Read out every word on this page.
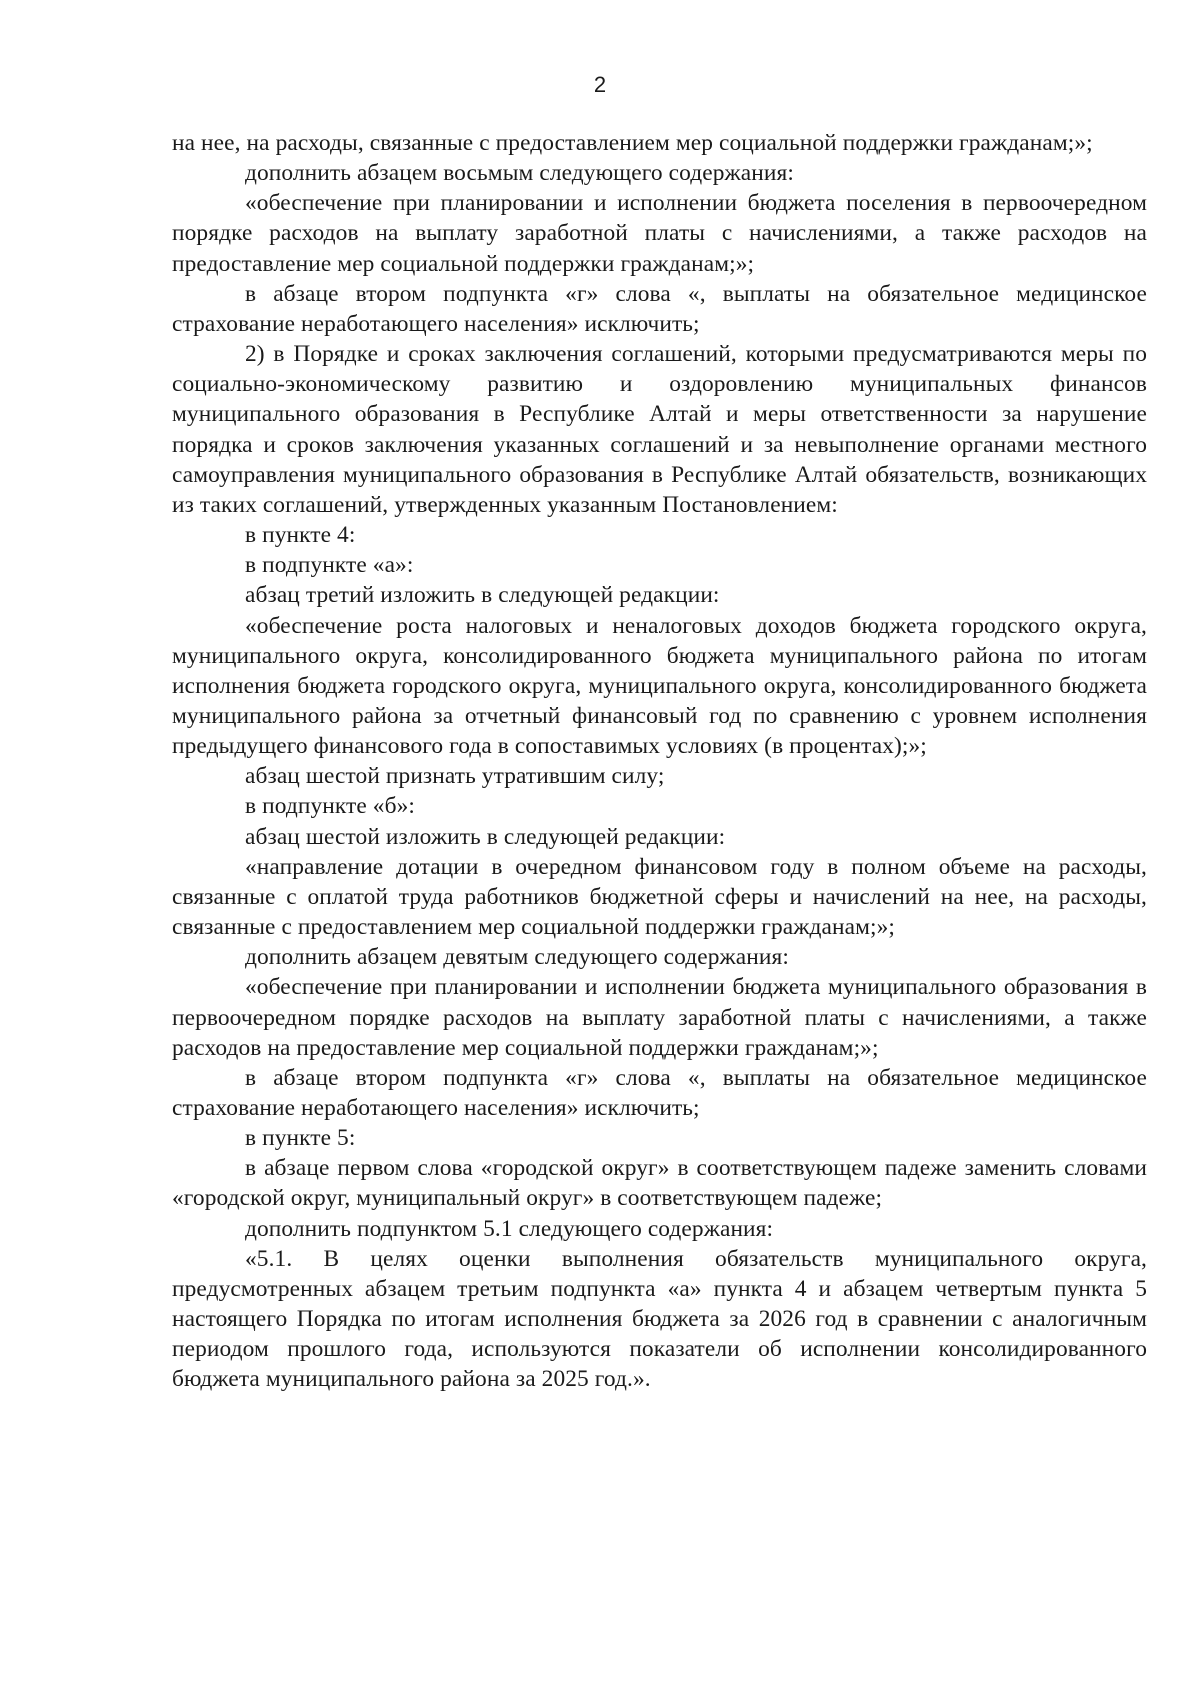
2

на нее, на расходы, связанные с предоставлением мер социальной поддержки гражданам;»;

дополнить абзацем восьмым следующего содержания:

«обеспечение при планировании и исполнении бюджета поселения в первоочередном порядке расходов на выплату заработной платы с начислениями, а также расходов на предоставление мер социальной поддержки гражданам;»;

в абзаце втором подпункта «г» слова «, выплаты на обязательное медицинское страхование неработающего населения» исключить;

2) в Порядке и сроках заключения соглашений, которыми предусматриваются меры по социально-экономическому развитию и оздоровлению муниципальных финансов муниципального образования в Республике Алтай и меры ответственности за нарушение порядка и сроков заключения указанных соглашений и за невыполнение органами местного самоуправления муниципального образования в Республике Алтай обязательств, возникающих из таких соглашений, утвержденных указанным Постановлением:

в пункте 4:

в подпункте «а»:

абзац третий изложить в следующей редакции:

«обеспечение роста налоговых и неналоговых доходов бюджета городского округа, муниципального округа, консолидированного бюджета муниципального района по итогам исполнения бюджета городского округа, муниципального округа, консолидированного бюджета муниципального района за отчетный финансовый год по сравнению с уровнем исполнения предыдущего финансового года в сопоставимых условиях (в процентах);»;

абзац шестой признать утратившим силу;

в подпункте «б»:

абзац шестой изложить в следующей редакции:

«направление дотации в очередном финансовом году в полном объеме на расходы, связанные с оплатой труда работников бюджетной сферы и начислений на нее, на расходы, связанные с предоставлением мер социальной поддержки гражданам;»;

дополнить абзацем девятым следующего содержания:

«обеспечение при планировании и исполнении бюджета муниципального образования в первоочередном порядке расходов на выплату заработной платы с начислениями, а также расходов на предоставление мер социальной поддержки гражданам;»;

в абзаце втором подпункта «г» слова «, выплаты на обязательное медицинское страхование неработающего населения» исключить;

в пункте 5:

в абзаце первом слова «городской округ» в соответствующем падеже заменить словами «городской округ, муниципальный округ» в соответствующем падеже;

дополнить подпунктом 5.1 следующего содержания:

«5.1. В целях оценки выполнения обязательств муниципального округа, предусмотренных абзацем третьим подпункта «а» пункта 4 и абзацем четвертым пункта 5 настоящего Порядка по итогам исполнения бюджета за 2026 год в сравнении с аналогичным периодом прошлого года, используются показатели об исполнении консолидированного бюджета муниципального района за 2025 год.».
